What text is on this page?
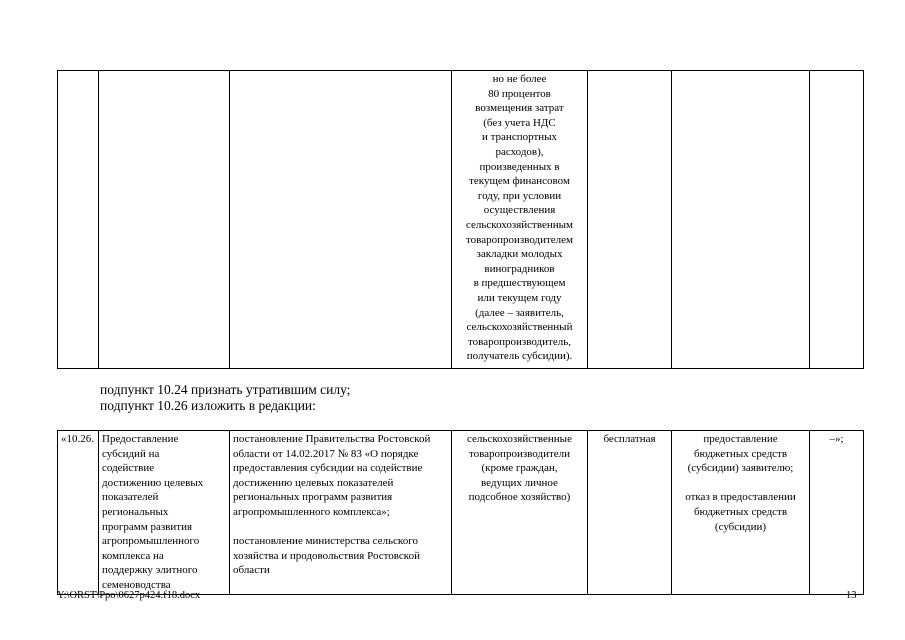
			но не более
80 процентов
возмещения затрат
(без учета НДС
и транспортных
расходов),
произведенных в
текущем финансовом
году, при условии
осуществления
сельскохозяйственным
товаропроизводителем
закладки молодых
виноградников
в предшествующем
или текущем году
(далее – заявитель,
сельскохозяйственный
товаропроизводитель,
получатель субсидии).			
подпункт 10.24 признать утратившим силу;
подпункт 10.26 изложить в редакции:
«10.26.	Предоставление
субсидий на
содействие
достижению целевых
показателей
региональных
программ развития
агропромышленного
комплекса на
поддержку элитного
семеноводства	постановление Правительства Ростовской области от 14.02.2017 № 83 «О порядке предоставления субсидии на содействие достижению целевых показателей региональных программ развития агропромышленного комплекса»;

постановление министерства сельского хозяйства и продовольствия Ростовской области	сельскохозяйственные
товаропроизводители
(кроме граждан,
ведущих личное
подсобное хозяйство)	бесплатная	предоставление
бюджетных средств
(субсидии) заявителю;

отказ в предоставлении
бюджетных средств
(субсидии)	–»;
Y:\ORST\Ppo\0627p424.f18.docx	13
